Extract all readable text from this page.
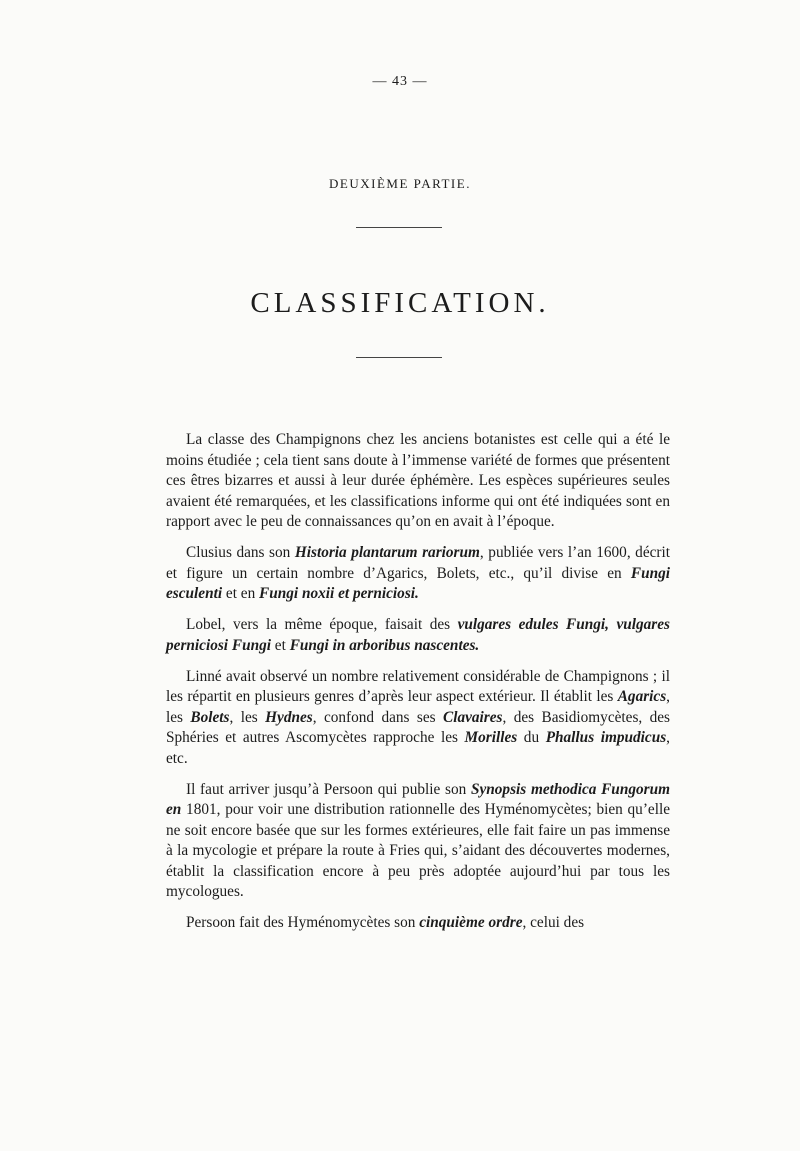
— 43 —
DEUXIÈME PARTIE.
CLASSIFICATION.

La classe des Champignons chez les anciens botanistes est celle qui a été le moins étudiée ; cela tient sans doute à l’immense variété de formes que présentent ces êtres bizarres et aussi à leur durée éphémère. Les espèces supérieures seules avaient été remarquées, et les classifications informe qui ont été indiquées sont en rapport avec le peu de connaissances qu’on en avait à l’époque.

Clusius dans son Historia plantarum rariorum, publiée vers l’an 1600, décrit et figure un certain nombre d’Agarics, Bolets, etc., qu’il divise en Fungi esculenti et en Fungi noxii et perniciosi.

Lobel, vers la même époque, faisait des vulgares edules Fungi, vulgares perniciosi Fungi et Fungi in arboribus nascentes.

Linné avait observé un nombre relativement considérable de Champignons ; il les répartit en plusieurs genres d’après leur aspect extérieur. Il établit les Agarics, les Bolets, les Hydnes, confond dans ses Clavaires, des Basidiomycètes, des Sphéries et autres Ascomycètes rapproche les Morilles du Phallus impudicus, etc.

Il faut arriver jusqu’à Persoon qui publie son Synopsis methodica Fungorum en 1801, pour voir une distribution rationnelle des Hyménomycètes; bien qu’elle ne soit encore basée que sur les formes extérieures, elle fait faire un pas immense à la mycologie et prépare la route à Fries qui, s’aidant des découvertes modernes, établit la classification encore à peu près adoptée aujourd’hui par tous les mycologues.

Persoon fait des Hyménomycètes son cinquième ordre, celui des
